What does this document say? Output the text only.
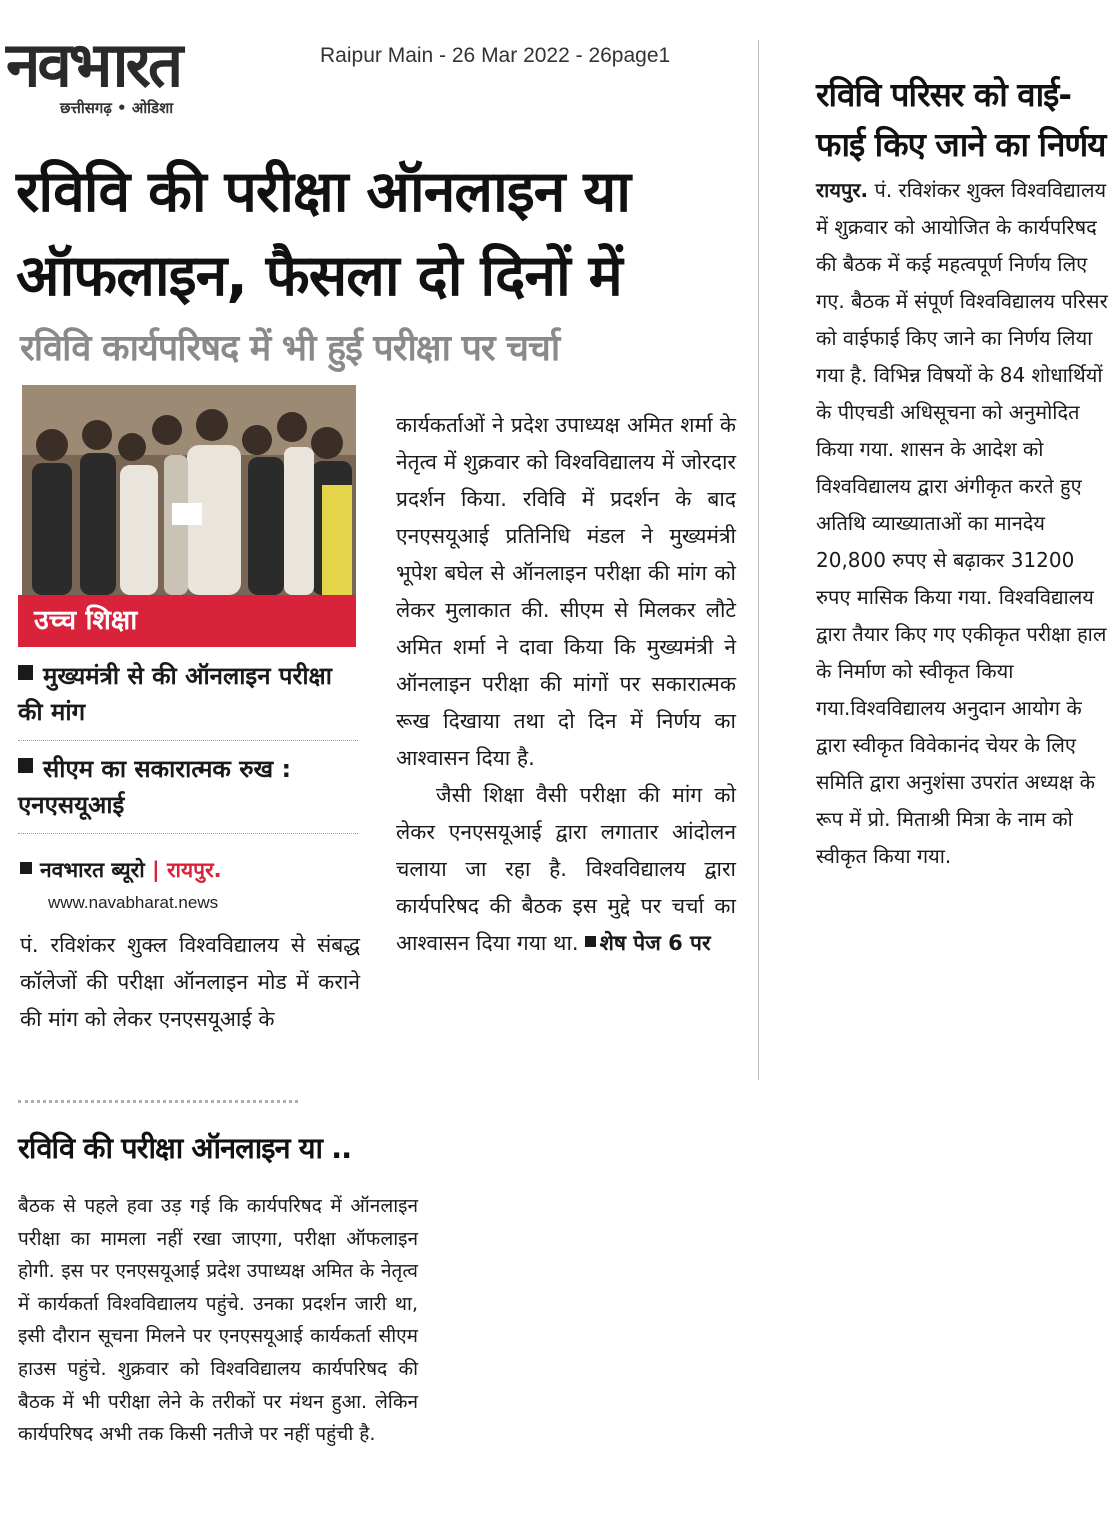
नवभारत
छत्तीसगढ़ • ओडिशा
Raipur Main - 26 Mar 2022 - 26page1
रविवि की परीक्षा ऑनलाइन या ऑफलाइन, फैसला दो दिनों में
रविवि कार्यपरिषद में भी हुई परीक्षा पर चर्चा
उच्च शिक्षा
मुख्यमंत्री से की ऑनलाइन परीक्षा की मांग
सीएम का सकारात्मक रुख : एनएसयूआई
नवभारत ब्यूरो | रायपुर.
www.navabharat.news
पं. रविशंकर शुक्ल विश्वविद्यालय से संबद्ध कॉलेजों की परीक्षा ऑनलाइन मोड में कराने की मांग को लेकर एनएसयूआई के

कार्यकर्ताओं ने प्रदेश उपाध्यक्ष अमित शर्मा के नेतृत्व में शुक्रवार को विश्वविद्यालय में जोरदार प्रदर्शन किया. रविवि में प्रदर्शन के बाद एनएसयूआई प्रतिनिधि मंडल ने मुख्यमंत्री भूपेश बघेल से ऑनलाइन परीक्षा की मांग को लेकर मुलाकात की. सीएम से मिलकर लौटे अमित शर्मा ने दावा किया कि मुख्यमंत्री ने ऑनलाइन परीक्षा की मांगों पर सकारात्मक रूख दिखाया तथा दो दिन में निर्णय का आश्वासन दिया है.

जैसी शिक्षा वैसी परीक्षा की मांग को लेकर एनएसयूआई द्वारा लगातार आंदोलन चलाया जा रहा है. विश्वविद्यालय द्वारा कार्यपरिषद की बैठक इस मुद्दे पर चर्चा का आश्वासन दिया गया था. शेष पेज 6 पर

रविवि परिसर को वाई-फाई किए जाने का निर्णय
रायपुर. पं. रविशंकर शुक्ल विश्वविद्यालय में शुक्रवार को आयोजित के कार्यपरिषद की बैठक में कई महत्वपूर्ण निर्णय लिए गए. बैठक में संपूर्ण विश्वविद्यालय परिसर को वाईफाई किए जाने का निर्णय लिया गया है. विभिन्न विषयों के 84 शोधार्थियों के पीएचडी अधिसूचना को अनुमोदित किया गया. शासन के आदेश को विश्वविद्यालय द्वारा अंगीकृत करते हुए अतिथि व्याख्याताओं का मानदेय 20,800 रुपए से बढ़ाकर 31200 रुपए मासिक किया गया. विश्वविद्यालय द्वारा तैयार किए गए एकीकृत परीक्षा हाल के निर्माण को स्वीकृत किया गया.विश्वविद्यालय अनुदान आयोग के द्वारा स्वीकृत विवेकानंद चेयर के लिए समिति द्वारा अनुशंसा उपरांत अध्यक्ष के रूप में प्रो. मिताश्री मित्रा के नाम को स्वीकृत किया गया.
रविवि की परीक्षा ऑनलाइन या ..
बैठक से पहले हवा उड़ गई कि कार्यपरिषद में ऑनलाइन परीक्षा का मामला नहीं रखा जाएगा, परीक्षा ऑफलाइन होगी. इस पर एनएसयूआई प्रदेश उपाध्यक्ष अमित के नेतृत्व में कार्यकर्ता विश्वविद्यालय पहुंचे. उनका प्रदर्शन जारी था, इसी दौरान सूचना मिलने पर एनएसयूआई कार्यकर्ता सीएम हाउस पहुंचे. शुक्रवार को विश्वविद्यालय कार्यपरिषद की बैठक में भी परीक्षा लेने के तरीकों पर मंथन हुआ. लेकिन कार्यपरिषद अभी तक किसी नतीजे पर नहीं पहुंची है.
